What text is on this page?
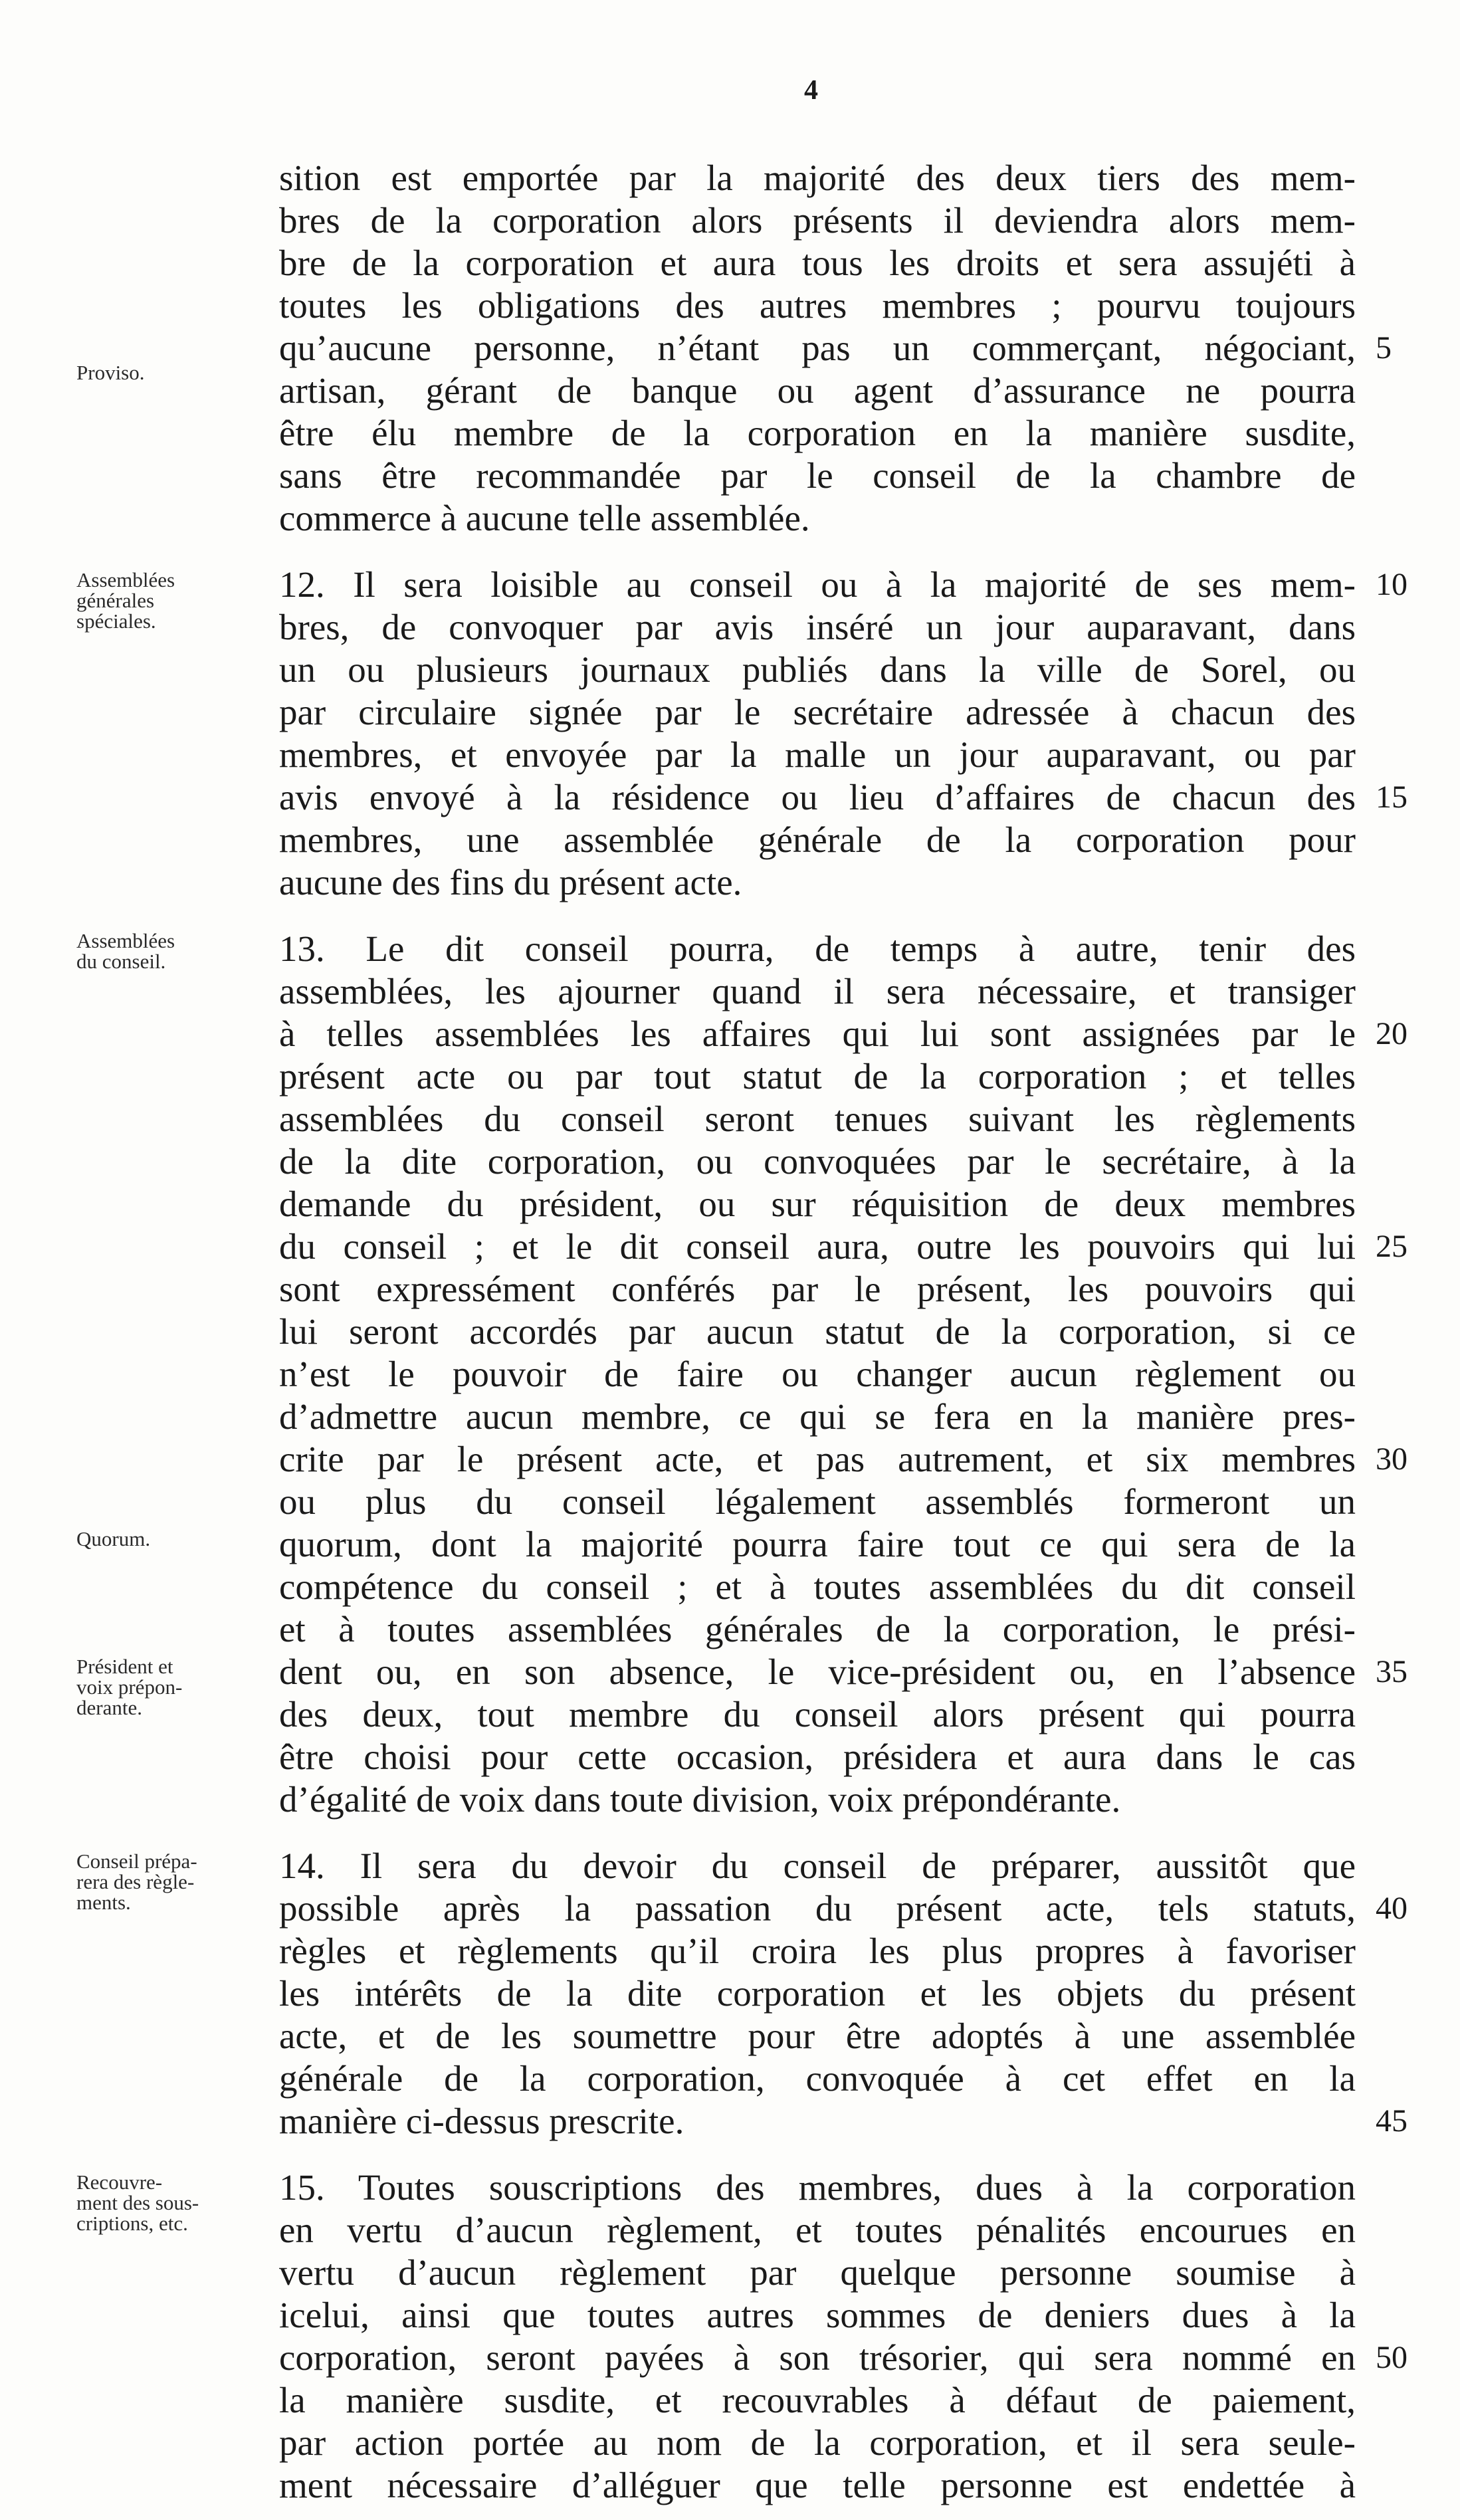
4
sition est emportée par la majorité des deux tiers des mem-
bres de la corporation alors présents il deviendra alors mem-
bre de la corporation et aura tous les droits et sera assujéti à
toutes les obligations des autres membres ; pourvu toujours
qu’aucune personne, n’étant pas un commerçant, négociant,
artisan, gérant de banque ou agent d’assurance ne pourra
être élu membre de la corporation en la manière susdite,
sans être recommandée par le conseil de la chambre de
commerce à aucune telle assemblée.
Proviso.
12. Il sera loisible au conseil ou à la majorité de ses mem-
bres, de convoquer par avis inséré un jour auparavant, dans
un ou plusieurs journaux publiés dans la ville de Sorel, ou
par circulaire signée par le secrétaire adressée à chacun des
membres, et envoyée par la malle un jour auparavant, ou par
avis envoyé à la résidence ou lieu d’affaires de chacun des
membres, une assemblée générale de la corporation pour
aucune des fins du présent acte.
Assemblées
générales
spéciales.
13. Le dit conseil pourra, de temps à autre, tenir des
assemblées, les ajourner quand il sera nécessaire, et transiger
à telles assemblées les affaires qui lui sont assignées par le
présent acte ou par tout statut de la corporation ; et telles
assemblées du conseil seront tenues suivant les règlements
de la dite corporation, ou convoquées par le secrétaire, à la
demande du président, ou sur réquisition de deux membres
du conseil ; et le dit conseil aura, outre les pouvoirs qui lui
sont expressément conférés par le présent, les pouvoirs qui
lui seront accordés par aucun statut de la corporation, si ce
n’est le pouvoir de faire ou changer aucun règlement ou
d’admettre aucun membre, ce qui se fera en la manière pres-
crite par le présent acte, et pas autrement, et six membres
ou plus du conseil légalement assemblés formeront un
quorum, dont la majorité pourra faire tout ce qui sera de la
compétence du conseil ; et à toutes assemblées du dit conseil
et à toutes assemblées générales de la corporation, le prési-
dent ou, en son absence, le vice-président ou, en l’absence
des deux, tout membre du conseil alors présent qui pourra
être choisi pour cette occasion, présidera et aura dans le cas
d’égalité de voix dans toute division, voix prépondérante.
Assemblées
du conseil.
Quorum.
Président et
voix prépon-
derante.
14. Il sera du devoir du conseil de préparer, aussitôt que
possible après la passation du présent acte, tels statuts,
règles et règlements qu’il croira les plus propres à favoriser
les intérêts de la dite corporation et les objets du présent
acte, et de les soumettre pour être adoptés à une assemblée
générale de la corporation, convoquée à cet effet en la
manière ci-dessus prescrite.
Conseil prépa-
rera des règle-
ments.
15. Toutes souscriptions des membres, dues à la corporation
en vertu d’aucun règlement, et toutes pénalités encourues en
vertu d’aucun règlement par quelque personne soumise à
icelui, ainsi que toutes autres sommes de deniers dues à la
corporation, seront payées à son trésorier, qui sera nommé en
la manière susdite, et recouvrables à défaut de paiement,
par action portée au nom de la corporation, et il sera seule-
ment nécessaire d’alléguer que telle personne est endettée à
Recouvre-
ment des sous-
criptions, etc.
5
10
15
20
25
30
35
40
45
50
